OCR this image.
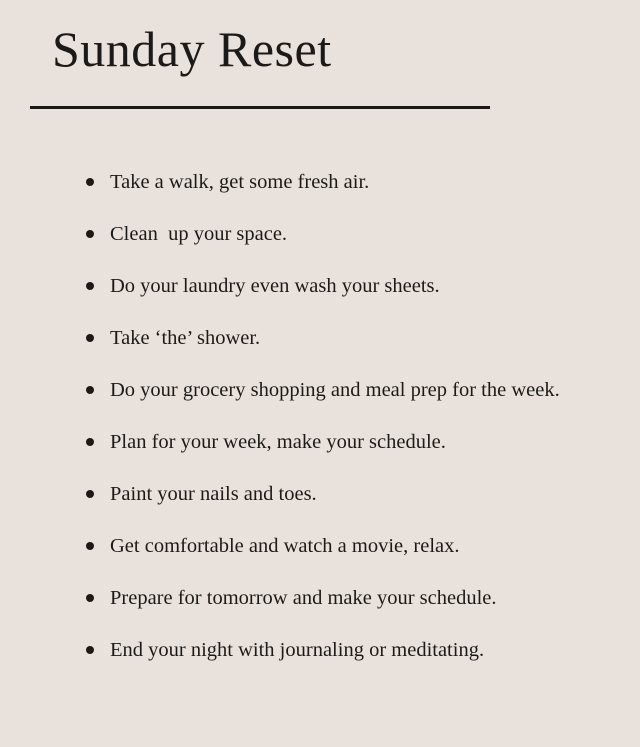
Sunday Reset
Take a walk, get some fresh air.
Clean  up your space.
Do your laundry even wash your sheets.
Take ‘the’ shower.
Do your grocery shopping and meal prep for the week.
Plan for your week, make your schedule.
Paint your nails and toes.
Get comfortable and watch a movie, relax.
Prepare for tomorrow and make your schedule.
End your night with journaling or meditating.
